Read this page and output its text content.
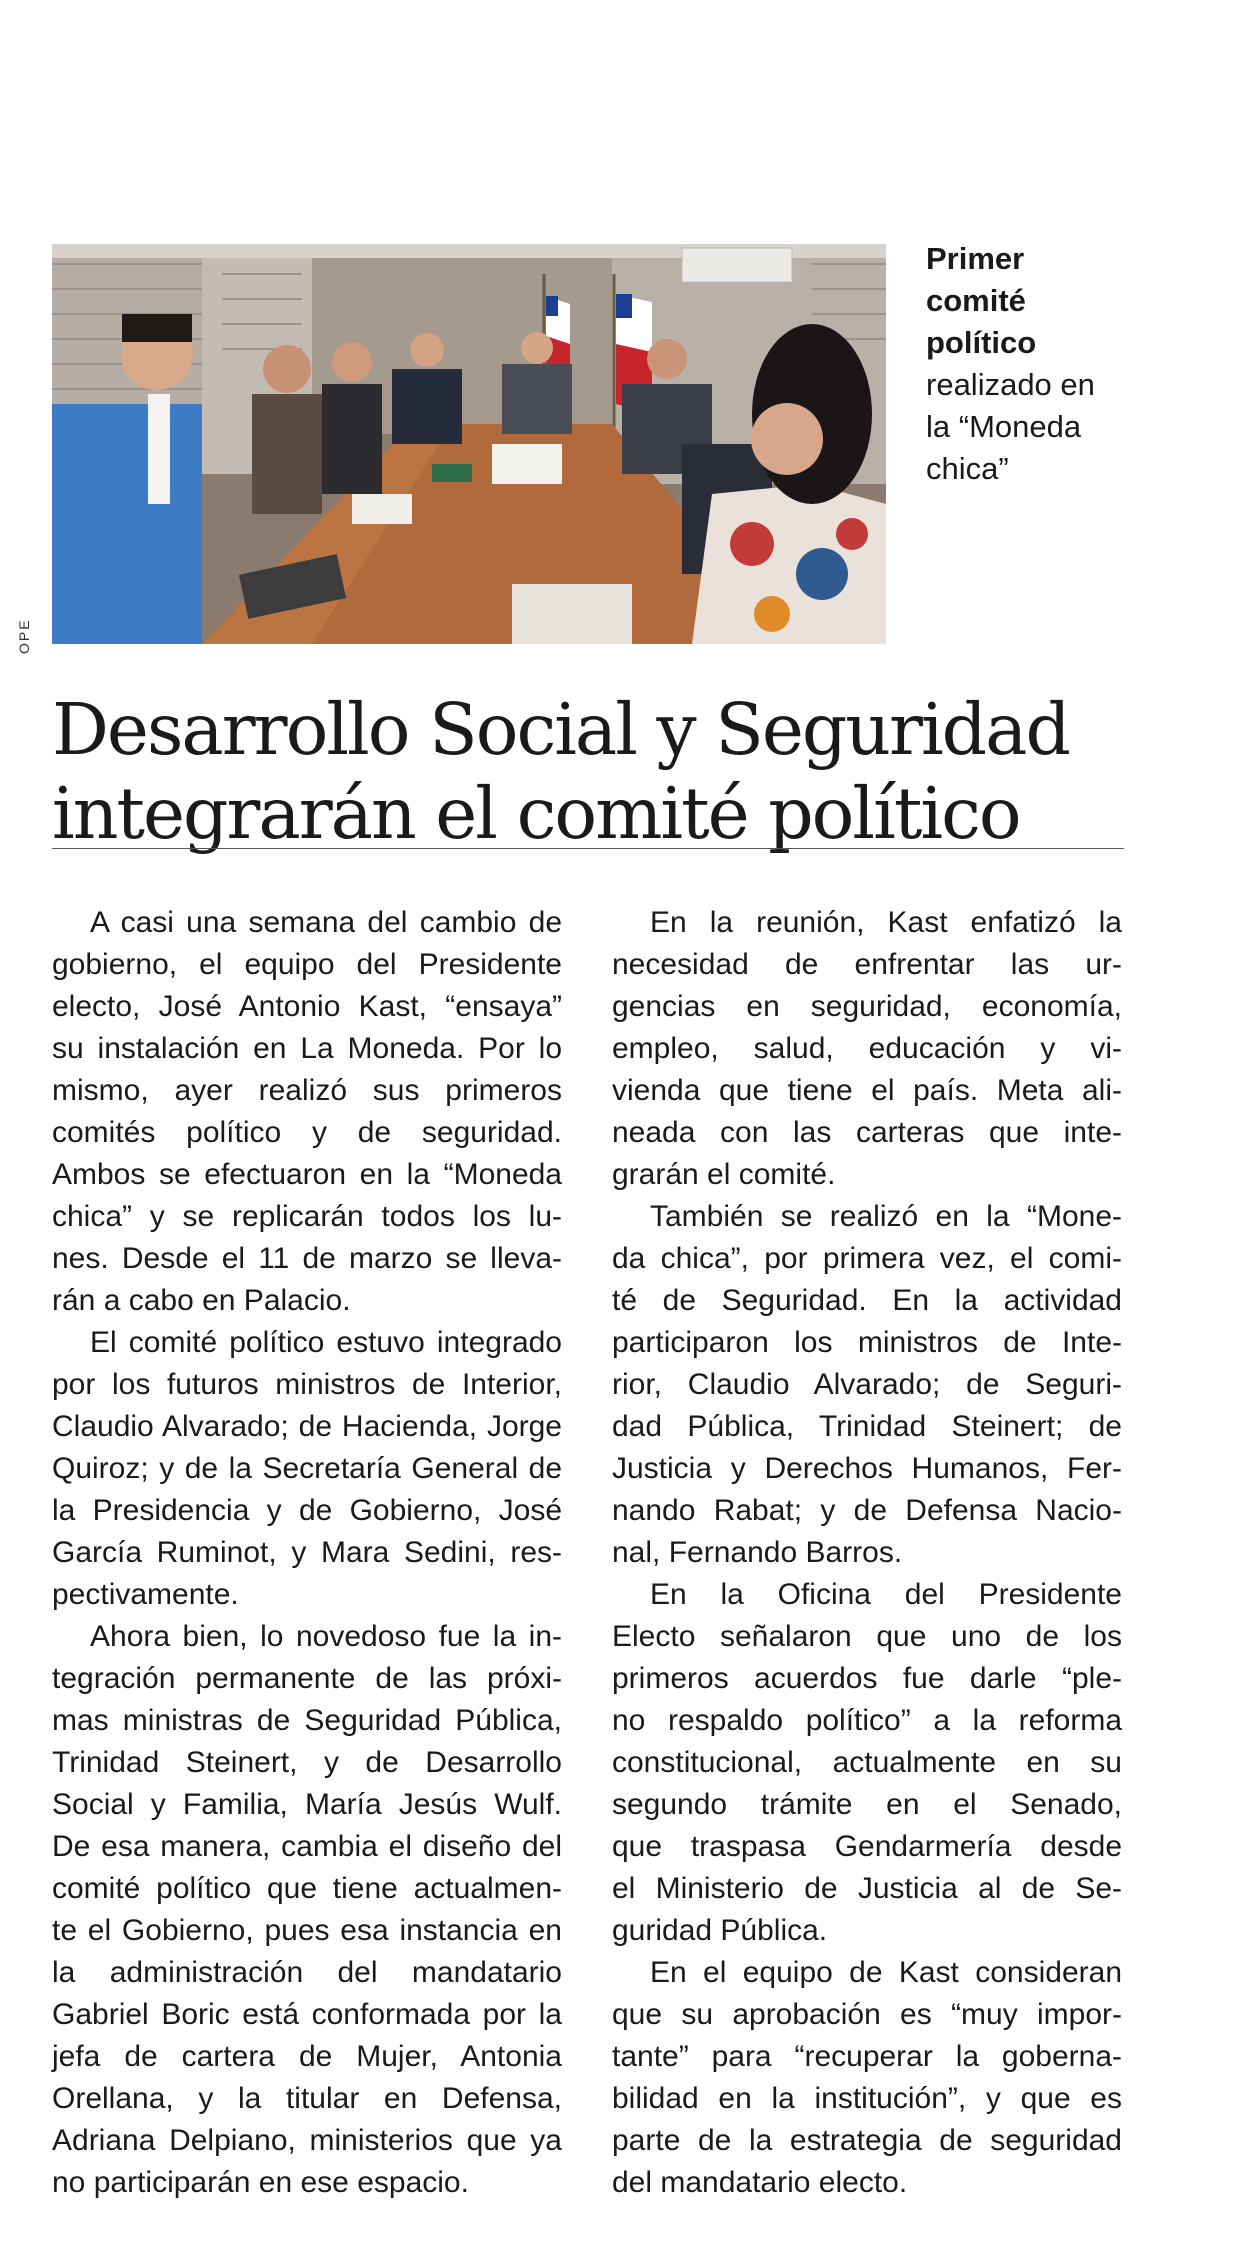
OPE
Primer
comité
político
realizado en
la “Moneda
chica”
Desarrollo Social y Seguridad
integrarán el comité político

A casi una semana del cambio de
gobierno, el equipo del Presidente
electo, José Antonio Kast, “ensaya”
su instalación en La Moneda. Por lo
mismo, ayer realizó sus primeros
comités político y de seguridad.
Ambos se efectuaron en la “Moneda
chica” y se replicarán todos los lu-
nes. Desde el 11 de marzo se lleva-
rán a cabo en Palacio.

El comité político estuvo integrado
por los futuros ministros de Interior,
Claudio Alvarado; de Hacienda, Jorge
Quiroz; y de la Secretaría General de
la Presidencia y de Gobierno, José
García Ruminot, y Mara Sedini, res-
pectivamente.

Ahora bien, lo novedoso fue la in-
tegración permanente de las próxi-
mas ministras de Seguridad Pública,
Trinidad Steinert, y de Desarrollo
Social y Familia, María Jesús Wulf.
De esa manera, cambia el diseño del
comité político que tiene actualmen-
te el Gobierno, pues esa instancia en
la administración del mandatario
Gabriel Boric está conformada por la
jefa de cartera de Mujer, Antonia
Orellana, y la titular en Defensa,
Adriana Delpiano, ministerios que ya
no participarán en ese espacio.

En la reunión, Kast enfatizó la
necesidad de enfrentar las ur-
gencias en seguridad, economía,
empleo, salud, educación y vi-
vienda que tiene el país. Meta ali-
neada con las carteras que inte-
grarán el comité.

También se realizó en la “Mone-
da chica”, por primera vez, el comi-
té de Seguridad. En la actividad
participaron los ministros de Inte-
rior, Claudio Alvarado; de Seguri-
dad Pública, Trinidad Steinert; de
Justicia y Derechos Humanos, Fer-
nando Rabat; y de Defensa Nacio-
nal, Fernando Barros.

En la Oficina del Presidente
Electo señalaron que uno de los
primeros acuerdos fue darle “ple-
no respaldo político” a la reforma
constitucional, actualmente en su
segundo trámite en el Senado,
que traspasa Gendarmería desde
el Ministerio de Justicia al de Se-
guridad Pública.

En el equipo de Kast consideran
que su aprobación es “muy impor-
tante” para “recuperar la goberna-
bilidad en la institución”, y que es
parte de la estrategia de seguridad
del mandatario electo.
